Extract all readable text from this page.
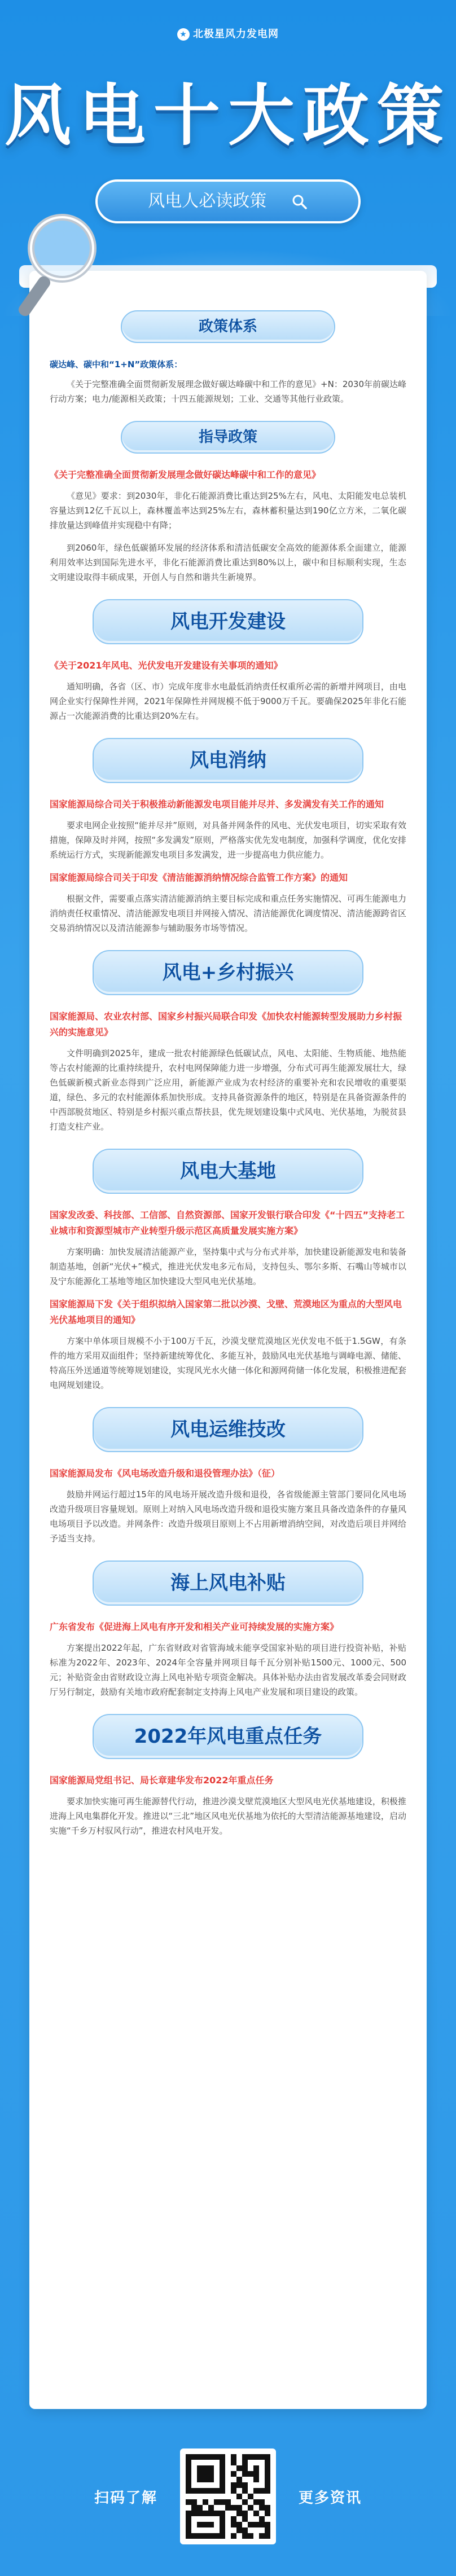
★ 北极星风力发电网
风电十大政策
风电人必读政策
政策体系
碳达峰、碳中和“1+N”政策体系：
《关于完整准确全面贯彻新发展理念做好碳达峰碳中和工作的意见》+N：2030年前碳达峰行动方案；电力/能源相关政策；十四五能源规划；工业、交通等其他行业政策。
指导政策
《关于完整准确全面贯彻新发展理念做好碳达峰碳中和工作的意见》
《意见》要求：到2030年，非化石能源消费比重达到25%左右，风电、太阳能发电总装机容量达到12亿千瓦以上，森林覆盖率达到25%左右，森林蓄积量达到190亿立方米，二氧化碳排放量达到峰值并实现稳中有降；
到2060年，绿色低碳循环发展的经济体系和清洁低碳安全高效的能源体系全面建立，能源利用效率达到国际先进水平，非化石能源消费比重达到80%以上，碳中和目标顺利实现，生态文明建设取得丰硕成果，开创人与自然和谐共生新境界。
风电开发建设
《关于2021年风电、光伏发电开发建设有关事项的通知》
通知明确，各省（区、市）完成年度非水电最低消纳责任权重所必需的新增并网项目，由电网企业实行保障性并网，2021年保障性并网规模不低于9000万千瓦。要确保2025年非化石能源占一次能源消费的比重达到20%左右。
风电消纳
国家能源局综合司关于积极推动新能源发电项目能并尽并、多发满发有关工作的通知
要求电网企业按照“能并尽并”原则，对具备并网条件的风电、光伏发电项目，切实采取有效措施，保障及时并网，按照“多发满发”原则，严格落实优先发电制度，加强科学调度，优化安排系统运行方式，实现新能源发电项目多发满发，进一步提高电力供应能力。
国家能源局综合司关于印发《清洁能源消纳情况综合监管工作方案》的通知
根据文件，需要重点落实清洁能源消纳主要目标完成和重点任务实施情况、可再生能源电力消纳责任权重情况、清洁能源发电项目并网接入情况、清洁能源优化调度情况、清洁能源跨省区交易消纳情况以及清洁能源参与辅助服务市场等情况。
风电+乡村振兴
国家能源局、农业农村部、国家乡村振兴局联合印发《加快农村能源转型发展助力乡村振兴的实施意见》
文件明确到2025年，建成一批农村能源绿色低碳试点，风电、太阳能、生物质能、地热能等占农村能源的比重持续提升，农村电网保障能力进一步增强，分布式可再生能源发展壮大，绿色低碳新模式新业态得到广泛应用，新能源产业成为农村经济的重要补充和农民增收的重要渠道，绿色、多元的农村能源体系加快形成。支持具备资源条件的地区，特别是在具备资源条件的中西部脱贫地区、特别是乡村振兴重点帮扶县，优先规划建设集中式风电、光伏基地，为脱贫县打造支柱产业。
风电大基地
国家发改委、科技部、工信部、自然资源部、国家开发银行联合印发《“十四五”支持老工业城市和资源型城市产业转型升级示范区高质量发展实施方案》
方案明确：加快发展清洁能源产业，坚持集中式与分布式并举，加快建设新能源发电和装备制造基地，创新“光伏+”模式，推进光伏发电多元布局，支持包头、鄂尔多斯、石嘴山等城市以及宁东能源化工基地等地区加快建设大型风电光伏基地。
国家能源局下发《关于组织拟纳入国家第二批以沙漠、戈壁、荒漠地区为重点的大型风电光伏基地项目的通知》
方案中单体项目规模不小于100万千瓦，沙漠戈壁荒漠地区光伏发电不低于1.5GW，有条件的地方采用双面组件；坚持新建统筹优化、多能互补，鼓励风电光伏基地与调峰电源、储能、特高压外送通道等统筹规划建设，实现风光水火储一体化和源网荷储一体化发展，积极推进配套电网规划建设。
风电运维技改
国家能源局发布《风电场改造升级和退役管理办法》（征）
鼓励并网运行超过15年的风电场开展改造升级和退役，各省级能源主管部门要同化风电场改造升级项目容量规划。原则上对纳入风电场改造升级和退役实施方案且具备改造条件的存量风电场项目予以改造。并网条件：改造升级项目原则上不占用新增消纳空间，对改造后项目并网给予适当支持。
海上风电补贴
广东省发布《促进海上风电有序开发和相关产业可持续发展的实施方案》
方案提出2022年起，广东省财政对省管海域未能享受国家补贴的项目进行投资补贴，补贴标准为2022年、2023年、2024年全容量并网项目每千瓦分别补贴1500元、1000元、500元；补贴资金由省财政设立海上风电补贴专项资金解决。具体补贴办法由省发展改革委会同财政厅另行制定，鼓励有关地市政府配套制定支持海上风电产业发展和项目建设的政策。
2022年风电重点任务
国家能源局党组书记、局长章建华发布2022年重点任务
要求加快实施可再生能源替代行动，推进沙漠戈壁荒漠地区大型风电光伏基地建设，积极推进海上风电集群化开发。推进以“三北”地区风电光伏基地为依托的大型清洁能源基地建设，启动实施“千乡万村驭风行动”，推进农村风电开发。
扫码了解	更多资讯
